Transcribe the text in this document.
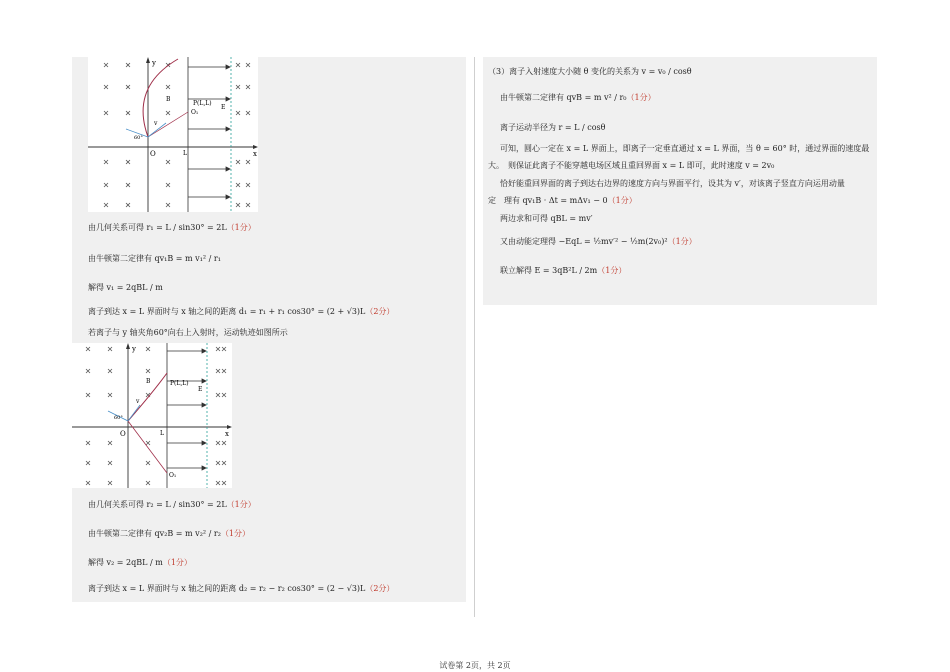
O	x
y
P(L,L)
O₁
B
E
L
v
60°
O	x
y
P(L,L)
O₁
B
E
L
v
60°
由几何关系可得 r₁ = L / sin30° = 2L（1分）
由牛顿第二定律有 qv₁B = m v₁² / r₁
解得 v₁ = 2qBL / m
离子到达 x = L 界面时与 x 轴之间的距离 d₁ = r₁ + r₁ cos30° = (2 + √3)L（2分）
若离子与 y 轴夹角60°向右上入射时，运动轨迹如图所示
由几何关系可得 r₂ = L / sin30° = 2L（1分）
由牛顿第二定律有 qv₂B = m v₂² / r₂（1分）
解得 v₂ = 2qBL / m（1分）
离子到达 x = L 界面时与 x 轴之间的距离 d₂ = r₂ − r₂ cos30° = (2 − √3)L（2分）
（3）离子入射速度大小随 θ 变化的关系为 v = v₀ / cosθ
由牛顿第二定律有 qvB = m v² / r₀（1分）
离子运动半径为 r = L / cosθ
可知，圆心一定在 x = L 界面上，即离子一定垂直通过 x = L 界面，当 θ = 60° 时，通过界面的速度最
大。　则保证此离子不能穿越电场区域且重回界面 x = L 即可，此时速度 v = 2v₀
恰好能重回界面的离子到达右边界的速度方向与界面平行，设其为 v′，对该离子竖直方向运用动量
定　理有 qv₁B · Δt = mΔv₁ − 0（1分）
两边求和可得 qBL = mv′
又由动能定理得 −EqL = ½mv′² − ½m(2v₀)²（1分）
联立解得 E = 3qB²L / 2m（1分）
试卷第 2页，共 2页
